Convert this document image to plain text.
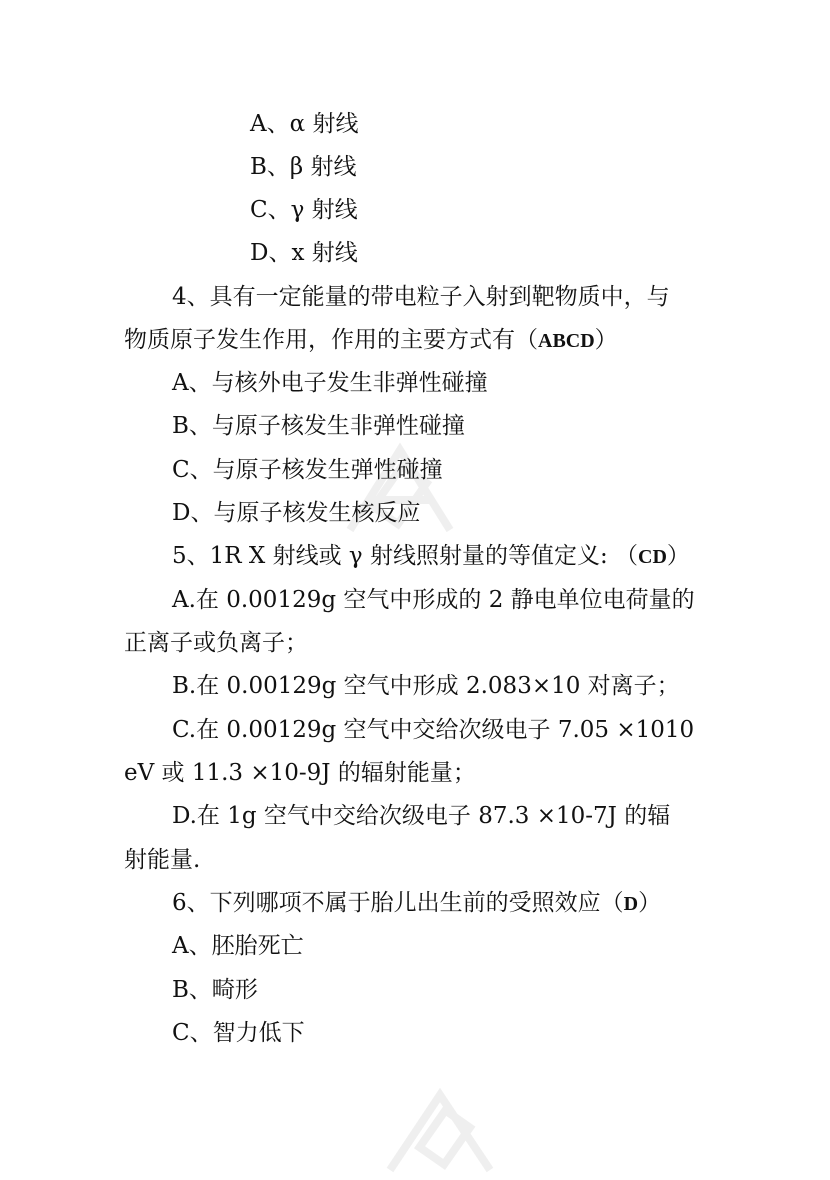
A、α 射线
B、β 射线
C、γ 射线
D、x 射线
4、具有一定能量的带电粒子入射到靶物质中，与
物质原子发生作用，作用的主要方式有（ABCD）
A、与核外电子发生非弹性碰撞
B、与原子核发生非弹性碰撞
C、与原子核发生弹性碰撞
D、与原子核发生核反应
5、1R X 射线或 γ 射线照射量的等值定义: （CD）
A.在 0.00129g 空气中形成的 2 静电单位电荷量的
正离子或负离子；
B.在 0.00129g 空气中形成 2.083×10 对离子；
C.在 0.00129g 空气中交给次级电子 7.05 ×1010
eV 或 11.3 ×10-9J 的辐射能量；
D.在 1g 空气中交给次级电子 87.3 ×10-7J 的辐
射能量.
6、下列哪项不属于胎儿出生前的受照效应（D）
A、胚胎死亡
B、畸形
C、智力低下
